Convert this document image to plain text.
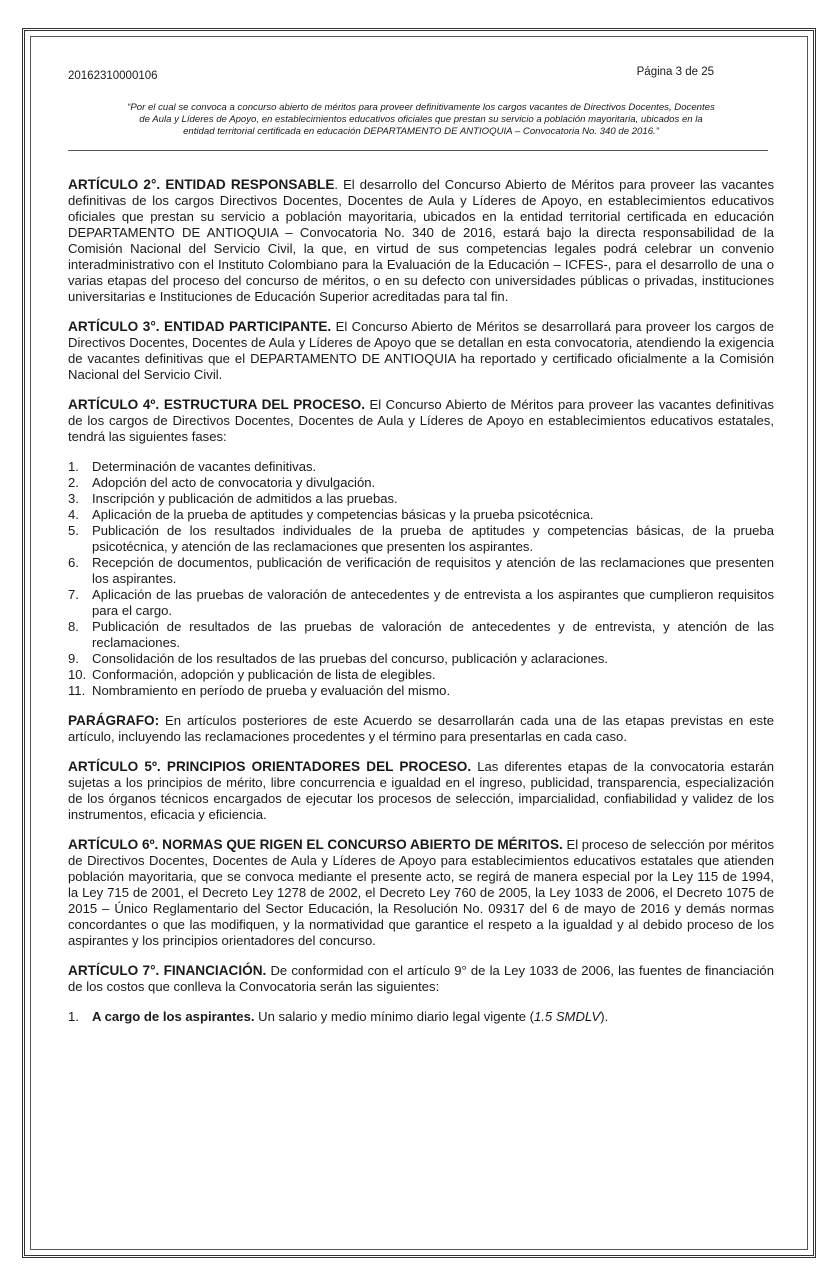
20162310000106	Página 3 de 25
“Por el cual se convoca a concurso abierto de méritos para proveer definitivamente los cargos vacantes de Directivos Docentes, Docentes
de Aula y Líderes de Apoyo, en establecimientos educativos oficiales que prestan su servicio a población mayoritaria, ubicados en la
entidad territorial certificada en educación DEPARTAMENTO DE ANTIOQUIA – Convocatoria No. 340 de 2016.”

ARTÍCULO 2°. ENTIDAD RESPONSABLE. El desarrollo del Concurso Abierto de Méritos para proveer las vacantes definitivas de los cargos Directivos Docentes, Docentes de Aula y Líderes de Apoyo, en establecimientos educativos oficiales que prestan su servicio a población mayoritaria, ubicados en la entidad territorial certificada en educación DEPARTAMENTO DE ANTIOQUIA – Convocatoria No. 340 de 2016, estará bajo la directa responsabilidad de la Comisión Nacional del Servicio Civil, la que, en virtud de sus competencias legales podrá celebrar un convenio interadministrativo con el Instituto Colombiano para la Evaluación de la Educación – ICFES-, para el desarrollo de una o varias etapas del proceso del concurso de méritos, o en su defecto con universidades públicas o privadas, instituciones universitarias e Instituciones de Educación Superior acreditadas para tal fin.

ARTÍCULO 3°. ENTIDAD PARTICIPANTE. El Concurso Abierto de Méritos se desarrollará para proveer los cargos de Directivos Docentes, Docentes de Aula y Líderes de Apoyo que se detallan en esta convocatoria, atendiendo la exigencia de vacantes definitivas que el DEPARTAMENTO DE ANTIOQUIA ha reportado y certificado oficialmente a la Comisión Nacional del Servicio Civil.

ARTÍCULO 4º. ESTRUCTURA DEL PROCESO. El Concurso Abierto de Méritos para proveer las vacantes definitivas de los cargos de Directivos Docentes, Docentes de Aula y Líderes de Apoyo en establecimientos educativos estatales, tendrá las siguientes fases:

1. Determinación de vacantes definitivas.
2. Adopción del acto de convocatoria y divulgación.
3. Inscripción y publicación de admitidos a las pruebas.
4. Aplicación de la prueba de aptitudes y competencias básicas y la prueba psicotécnica.
5. Publicación de los resultados individuales de la prueba de aptitudes y competencias básicas, de la prueba psicotécnica, y atención de las reclamaciones que presenten los aspirantes.
6. Recepción de documentos, publicación de verificación de requisitos y atención de las reclamaciones que presenten los aspirantes.
7. Aplicación de las pruebas de valoración de antecedentes y de entrevista a los aspirantes que cumplieron requisitos para el cargo.
8. Publicación de resultados de las pruebas de valoración de antecedentes y de entrevista, y atención de las reclamaciones.
9. Consolidación de los resultados de las pruebas del concurso, publicación y aclaraciones.
10. Conformación, adopción y publicación de lista de elegibles.
11. Nombramiento en período de prueba y evaluación del mismo.

PARÁGRAFO: En artículos posteriores de este Acuerdo se desarrollarán cada una de las etapas previstas en este artículo, incluyendo las reclamaciones procedentes y el término para presentarlas en cada caso.

ARTÍCULO 5º. PRINCIPIOS ORIENTADORES DEL PROCESO. Las diferentes etapas de la convocatoria estarán sujetas a los principios de mérito, libre concurrencia e igualdad en el ingreso, publicidad, transparencia, especialización de los órganos técnicos encargados de ejecutar los procesos de selección, imparcialidad, confiabilidad y validez de los instrumentos, eficacia y eficiencia.

ARTÍCULO 6º. NORMAS QUE RIGEN EL CONCURSO ABIERTO DE MÉRITOS. El proceso de selección por méritos de Directivos Docentes, Docentes de Aula y Líderes de Apoyo para establecimientos educativos estatales que atienden población mayoritaria, que se convoca mediante el presente acto, se regirá de manera especial por la Ley 115 de 1994, la Ley 715 de 2001, el Decreto Ley 1278 de 2002, el Decreto Ley 760 de 2005, la Ley 1033 de 2006, el Decreto 1075 de 2015 – Único Reglamentario del Sector Educación, la Resolución No. 09317 del 6 de mayo de 2016 y demás normas concordantes o que las modifiquen, y la normatividad que garantice el respeto a la igualdad y al debido proceso de los aspirantes y los principios orientadores del concurso.

ARTÍCULO 7°. FINANCIACIÓN. De conformidad con el artículo 9° de la Ley 1033 de 2006, las fuentes de financiación de los costos que conlleva la Convocatoria serán las siguientes:

1. A cargo de los aspirantes. Un salario y medio mínimo diario legal vigente (1.5 SMDLV).
